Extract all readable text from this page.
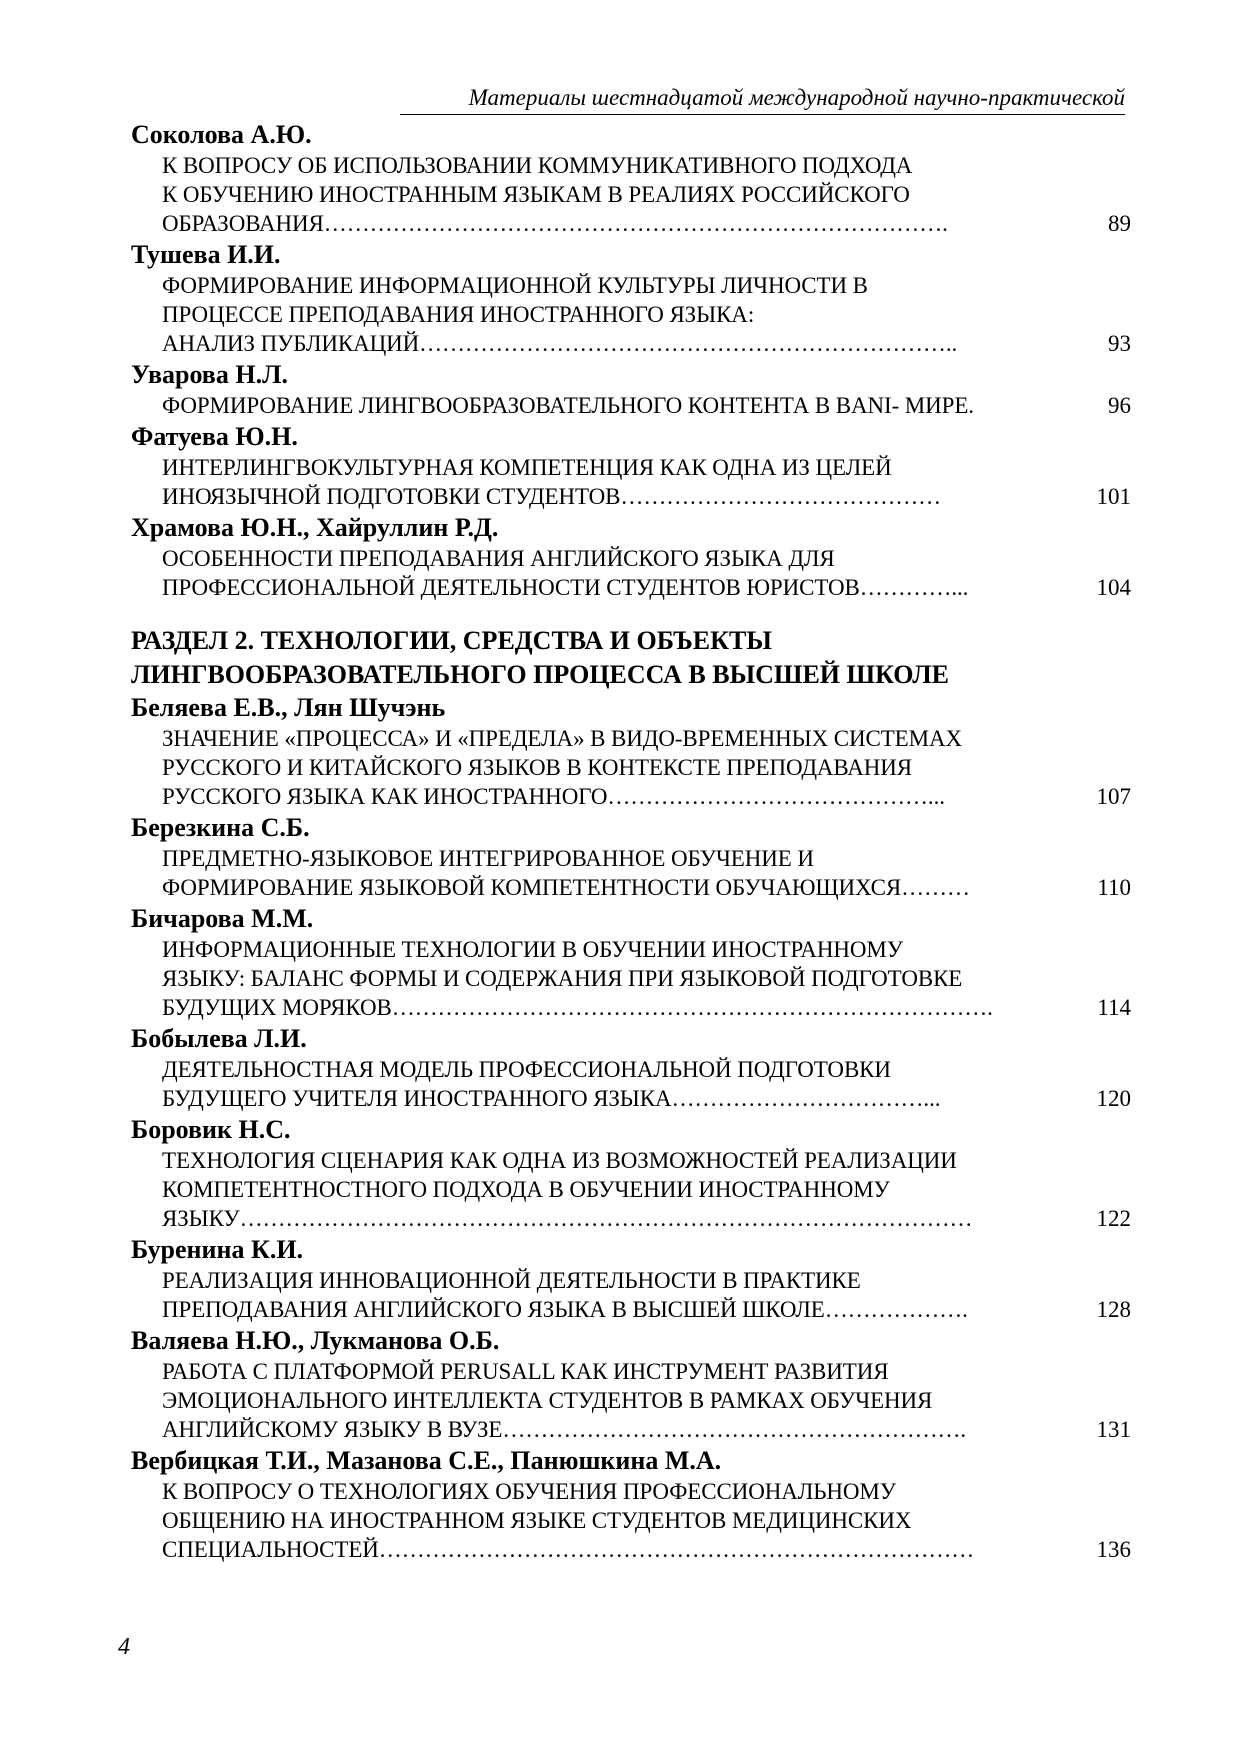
Материалы шестнадцатой международной научно-практической
Соколова А.Ю.
К ВОПРОСУ ОБ ИСПОЛЬЗОВАНИИ КОММУНИКАТИВНОГО ПОДХОДА
К ОБУЧЕНИЮ ИНОСТРАННЫМ ЯЗЫКАМ В РЕАЛИЯХ РОССИЙСКОГО
ОБРАЗОВАНИЯ……………………………………………………………………….	89
Тушева И.И.
ФОРМИРОВАНИЕ ИНФОРМАЦИОННОЙ КУЛЬТУРЫ ЛИЧНОСТИ В
ПРОЦЕССЕ ПРЕПОДАВАНИЯ ИНОСТРАННОГО ЯЗЫКА:
АНАЛИЗ ПУБЛИКАЦИЙ……………………………………………………………..	93
Уварова Н.Л.
ФОРМИРОВАНИЕ ЛИНГВООБРАЗОВАТЕЛЬНОГО КОНТЕНТА В BANI- МИРЕ.	96
Фатуева Ю.Н.
ИНТЕРЛИНГВОКУЛЬТУРНАЯ КОМПЕТЕНЦИЯ КАК ОДНА ИЗ ЦЕЛЕЙ
ИНОЯЗЫЧНОЙ ПОДГОТОВКИ СТУДЕНТОВ……………………………………	101
Храмова Ю.Н., Хайруллин Р.Д.
ОСОБЕННОСТИ ПРЕПОДАВАНИЯ АНГЛИЙСКОГО ЯЗЫКА ДЛЯ
ПРОФЕССИОНАЛЬНОЙ ДЕЯТЕЛЬНОСТИ СТУДЕНТОВ ЮРИСТОВ…………...	104
РАЗДЕЛ 2. ТЕХНОЛОГИИ, СРЕДСТВА И ОБЪЕКТЫ
ЛИНГВООБРАЗОВАТЕЛЬНОГО ПРОЦЕССА В ВЫСШЕЙ ШКОЛЕ
Беляева Е.В., Лян Шучэнь
ЗНАЧЕНИЕ «ПРОЦЕССА» И «ПРЕДЕЛА» В ВИДО-ВРЕМЕННЫХ СИСТЕМАХ
РУССКОГО И КИТАЙСКОГО ЯЗЫКОВ В КОНТЕКСТЕ ПРЕПОДАВАНИЯ
РУССКОГО ЯЗЫКА КАК ИНОСТРАННОГО……………………………………...	107
Березкина С.Б.
ПРЕДМЕТНО-ЯЗЫКОВОЕ ИНТЕГРИРОВАННОЕ ОБУЧЕНИЕ И
ФОРМИРОВАНИЕ ЯЗЫКОВОЙ КОМПЕТЕНТНОСТИ ОБУЧАЮЩИХСЯ………	110
Бичарова М.М.
ИНФОРМАЦИОННЫЕ ТЕХНОЛОГИИ В ОБУЧЕНИИ ИНОСТРАННОМУ
ЯЗЫКУ: БАЛАНС ФОРМЫ И СОДЕРЖАНИЯ ПРИ ЯЗЫКОВОЙ ПОДГОТОВКЕ
БУДУЩИХ МОРЯКОВ…………………………………………………………………….	114
Бобылева Л.И.
ДЕЯТЕЛЬНОСТНАЯ МОДЕЛЬ ПРОФЕССИОНАЛЬНОЙ ПОДГОТОВКИ
БУДУЩЕГО УЧИТЕЛЯ ИНОСТРАННОГО ЯЗЫКА……………………………...	120
Боровик Н.С.
ТЕХНОЛОГИЯ СЦЕНАРИЯ КАК ОДНА ИЗ ВОЗМОЖНОСТЕЙ РЕАЛИЗАЦИИ
КОМПЕТЕНТНОСТНОГО ПОДХОДА В ОБУЧЕНИИ ИНОСТРАННОМУ
ЯЗЫКУ……………………………………………………………………………………	122
Буренина К.И.
РЕАЛИЗАЦИЯ ИННОВАЦИОННОЙ ДЕЯТЕЛЬНОСТИ В ПРАКТИКЕ
ПРЕПОДАВАНИЯ АНГЛИЙСКОГО ЯЗЫКА В ВЫСШЕЙ ШКОЛЕ……………….	128
Валяева Н.Ю., Лукманова О.Б.
РАБОТА С ПЛАТФОРМОЙ PERUSALL КАК ИНСТРУМЕНТ РАЗВИТИЯ
ЭМОЦИОНАЛЬНОГО ИНТЕЛЛЕКТА СТУДЕНТОВ В РАМКАХ ОБУЧЕНИЯ
АНГЛИЙСКОМУ ЯЗЫКУ В ВУЗЕ…………………………………………………….	131
Вербицкая Т.И., Мазанова С.Е., Панюшкина М.А.
К ВОПРОСУ О ТЕХНОЛОГИЯХ ОБУЧЕНИЯ ПРОФЕССИОНАЛЬНОМУ
ОБЩЕНИЮ НА ИНОСТРАННОМ ЯЗЫКЕ СТУДЕНТОВ МЕДИЦИНСКИХ
СПЕЦИАЛЬНОСТЕЙ……………………………………………………………………	136
4
